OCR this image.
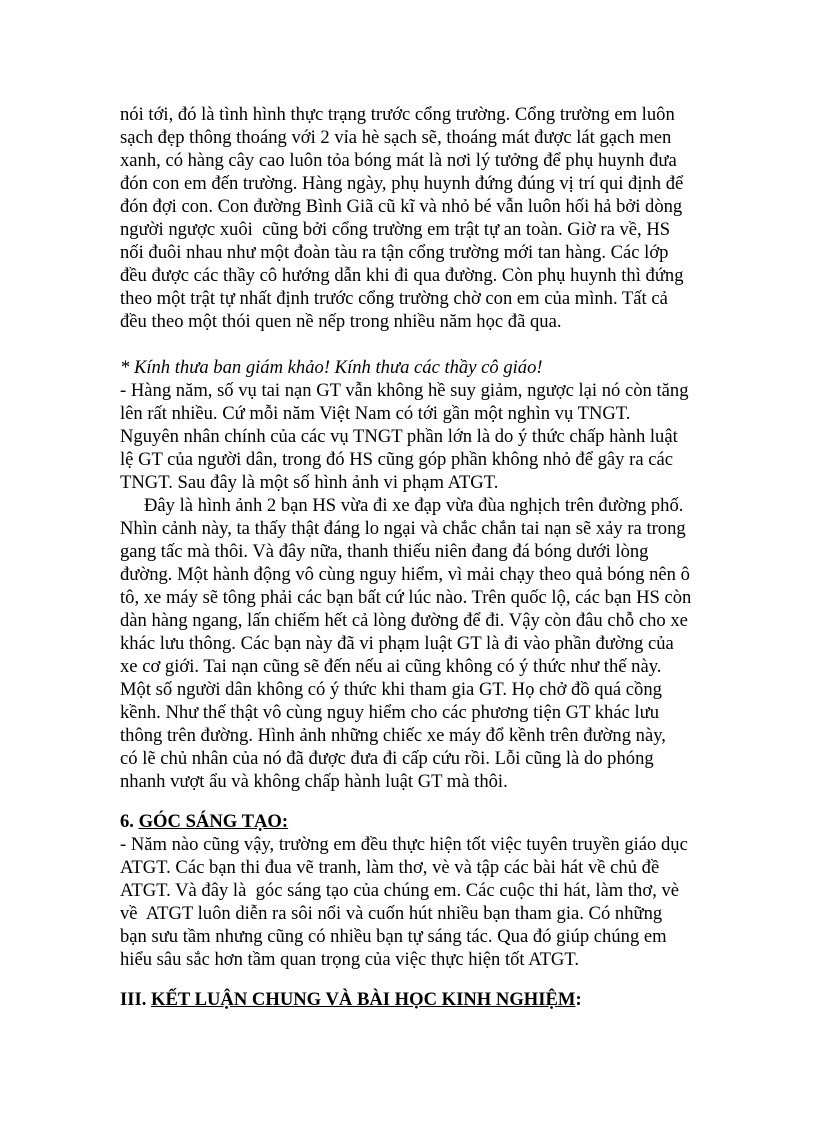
nói tới, đó là tình hình thực trạng trước cổng trường. Cổng trường em luôn

sạch đẹp thông thoáng với 2 vỉa hè sạch sẽ, thoáng mát được lát gạch men

xanh, có hàng cây cao luôn tỏa bóng mát là nơi lý tưởng để phụ huynh đưa

đón con em đến trường. Hàng ngày, phụ huynh đứng đúng vị trí qui định để

đón đợi con. Con đường Bình Giã cũ kĩ và nhỏ bé vẫn luôn hối hả bởi dòng

người ngược xuôi  cũng bởi cổng trường em trật tự an toàn. Giờ ra về, HS

nối đuôi nhau như một đoàn tàu ra tận cổng trường mới tan hàng. Các lớp

đều được các thầy cô hướng dẫn khi đi qua đường. Còn phụ huynh thì đứng

theo một trật tự nhất định trước cổng trường chờ con em của mình. Tất cả

đều theo một thói quen nề nếp trong nhiều năm học đã qua.

* Kính thưa ban giám khảo! Kính thưa các thầy cô giáo!

- Hàng năm, số vụ tai nạn GT vẫn không hề suy giảm, ngược lại nó còn tăng

lên rất nhiều. Cứ mỗi năm Việt Nam có tới gần một nghìn vụ TNGT.

Nguyên nhân chính của các vụ TNGT phần lớn là do ý thức chấp hành luật

lệ GT của người dân, trong đó HS cũng góp phần không nhỏ để gây ra các

TNGT. Sau đây là một số hình ảnh vi phạm ATGT.

Đây là hình ảnh 2 bạn HS vừa đi xe đạp vừa đùa nghịch trên đường phố.

Nhìn cảnh này, ta thấy thật đáng lo ngại và chắc chắn tai nạn sẽ xảy ra trong

gang tấc mà thôi. Và đây nữa, thanh thiếu niên đang đá bóng dưới lòng

đường. Một hành động vô cùng nguy hiểm, vì mải chạy theo quả bóng nên ô

tô, xe máy sẽ tông phải các bạn bất cứ lúc nào. Trên quốc lộ, các bạn HS còn

dàn hàng ngang, lấn chiếm hết cả lòng đường để đi. Vậy còn đâu chỗ cho xe

khác lưu thông. Các bạn này đã vi phạm luật GT là đi vào phần đường của

xe cơ giới. Tai nạn cũng sẽ đến nếu ai cũng không có ý thức như thế này.

Một số người dân không có ý thức khi tham gia GT. Họ chở đồ quá cồng

kềnh. Như thế thật vô cùng nguy hiểm cho các phương tiện GT khác lưu

thông trên đường. Hình ảnh những chiếc xe máy đổ kềnh trên đường này,

có lẽ chủ nhân của nó đã được đưa đi cấp cứu rồi. Lỗi cũng là do phóng

nhanh vượt ẩu và không chấp hành luật GT mà thôi.

6. GÓC SÁNG TẠO:

- Năm nào cũng vậy, trường em đều thực hiện tốt việc tuyên truyền giáo dục

ATGT. Các bạn thi đua vẽ tranh, làm thơ, vè và tập các bài hát về chủ đề

ATGT. Và đây là  góc sáng tạo của chúng em. Các cuộc thi hát, làm thơ, vè

về  ATGT luôn diễn ra sôi nổi và cuốn hút nhiều bạn tham gia. Có những

bạn sưu tầm nhưng cũng có nhiều bạn tự sáng tác. Qua đó giúp chúng em

hiểu sâu sắc hơn tầm quan trọng của việc thực hiện tốt ATGT.

III. KẾT LUẬN CHUNG VÀ BÀI HỌC KINH NGHIỆM:
